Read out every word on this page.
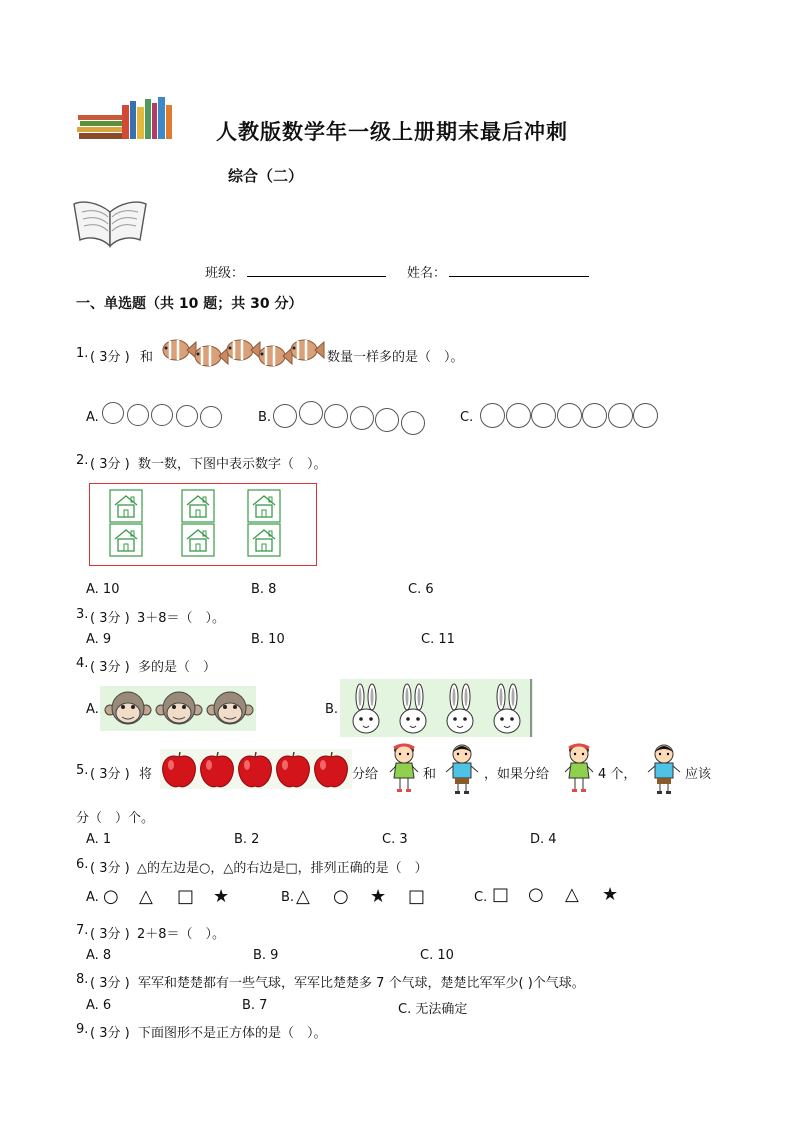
人教版数学年一级上册期末最后冲刺
综合（二）
班级：	姓名：
一、单选题（共 10 题；共 30 分）
1. ( 3分 ) 和	数量一样多的是（　）。
A.	B.	C.
2. ( 3分 ) 数一数，下图中表示数字（　）。
A. 10	B. 8	C. 6
3. ( 3分 ) 3＋8＝（　）。
A. 9	B. 10	C. 11
4. ( 3分 ) 多的是（　）
A.	B.
5. ( 3分 ) 将	分给	和	，如果分给	4 个，	应该
分（　）个。
A. 1	B. 2	C. 3	D. 4
6. ( 3分 ) △的左边是○，△的右边是□，排列正确的是（　）
A. ○ △ □ ★	B. △ ○ ★ □	C. □ ○ △ ★
7. ( 3分 ) 2＋8＝（　）。
A. 8	B. 9	C. 10
8. ( 3分 ) 军军和楚楚都有一些气球，军军比楚楚多 7 个气球，楚楚比军军少( )个气球。
A. 6	B. 7	C. 无法确定
9. ( 3分 ) 下面图形不是正方体的是（　）。
